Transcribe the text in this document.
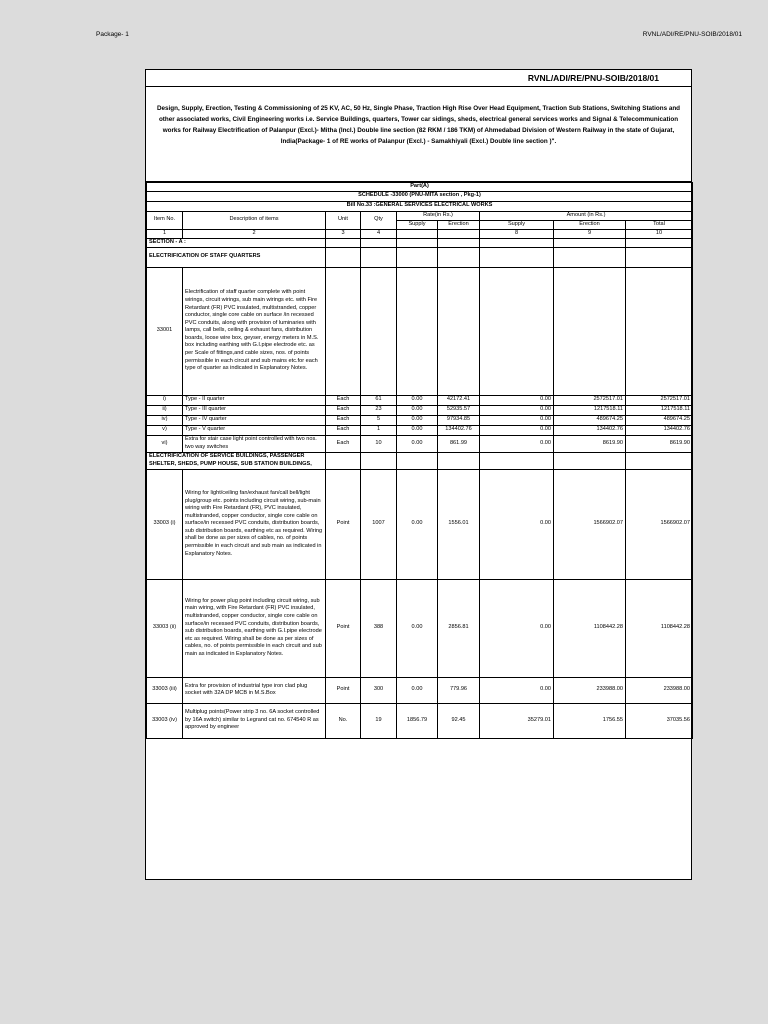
Package- 1	RVNL/ADI/RE/PNU-SOIB/2018/01
RVNL/ADI/RE/PNU-SOIB/2018/01
Design, Supply, Erection, Testing & Commissioning of 25 KV, AC, 50 Hz, Single Phase, Traction High Rise Over Head Equipment, Traction Sub Stations, Switching Stations and other associated works, Civil Engineering works i.e. Service Buildings, quarters, Tower car sidings, sheds, electrical general services works and Signal & Telecommunication works for Railway Electrification of Palanpur (Excl.)- Mitha (Incl.) Double line section (82 RKM / 186 TKM) of Ahmedabad Division of Western Railway in the state of Gujarat, India(Package- 1 of RE works of Palanpur (Excl.) - Samakhiyali (Excl.) Double line section )".
Part(A)								
SCHEDULE -33000 (PNU-MITA section , Pkg-1)								
Bill No.33 :GENERAL SERVICES ELECTRICAL WORKS								
Item No.	Description of items	Unit	Qty	Rate(in Rs.)		Amount (in Rs.)		
				Supply	Erection	Supply	Erection	Total
1	2	3	4			8	9	10
SECTION - A :								
ELECTRIFICATION OF STAFF QUARTERS								
33001	Electrification of staff quarter complete with point wirings, circuit wirings, sub main wirings etc. with Fire Retardant (FR) PVC insulated, multistranded, copper conductor, single core cable on surface /in recessed PVC conduits, along with provision of luminaries with lamps, call bells, ceiling & exhaust fans, distribution boards, loose wire box, geyser, energy meters in M.S. box including earthing with G.I.pipe electrode etc. as per Scale of fittings,and cable sizes, nos. of points permissible in each circuit and sub mains etc.for each type of quarter as indicated in Explanatory Notes.							
i)	Type - II quarter	Each	61	0.00	42172.41	0.00	2572517.01	2572517.01
ii)	Type - III quarter	Each	23	0.00	52935.57	0.00	1217518.11	1217518.11
iv)	Type - IV quarter	Each	5	0.00	97934.85	0.00	489674.25	489674.25
v)	Type - V quarter	Each	1	0.00	134402.76	0.00	134402.76	134402.76
vi)	Extra for stair case light point controlled with two nos. two way switches	Each	10	0.00	861.99	0.00	8619.90	8619.90
ELECTRIFICATION OF SERVICE BUILDINGS, PASSENGER SHELTER, SHEDS, PUMP HOUSE, SUB STATION BUILDINGS,								
33003 (i)	Wiring for light/ceiling fan/exhaust fan/call bell/light plug/group etc. points including circuit wiring, sub-main wiring with Fire Retardant (FR), PVC insulated, multistranded, copper conductor, single core cable on surface/in recessed PVC conduits, distribution boards, sub distribution boards, earthing etc as required. Wiring shall be done as per sizes of cables, no. of points permissible in each circuit and sub main as indicated in Explanatory Notes.	Point	1007	0.00	1556.01	0.00	1566902.07	1566902.07
33003 (ii)	Wiring for power plug point including circuit wiring, sub main wiring, with Fire Retardant (FR) PVC insulated, multistranded, copper conductor, single core cable on surface/in recessed PVC conduits, distribution boards, sub distribution boards, earthing with G.I.pipe electrode etc as required. Wiring shall be done as per sizes of cables, no. of points permissible in each circuit and sub main as indicated in Explanatory Notes.	Point	388	0.00	2856.81	0.00	1108442.28	1108442.28
33003 (iii)	Extra for provision of industrial type iron clad plug socket with 32A DP MCB in M.S.Box	Point	300	0.00	779.96	0.00	233988.00	233988.00
33003 (iv)	Multiplug points(Power strip 3 no. 6A socket controlled by 16A switch) similar to Legrand cat no. 674540 R as approved by engineer	No.	19	1856.79	92.45	35279.01	1756.55	37035.56
